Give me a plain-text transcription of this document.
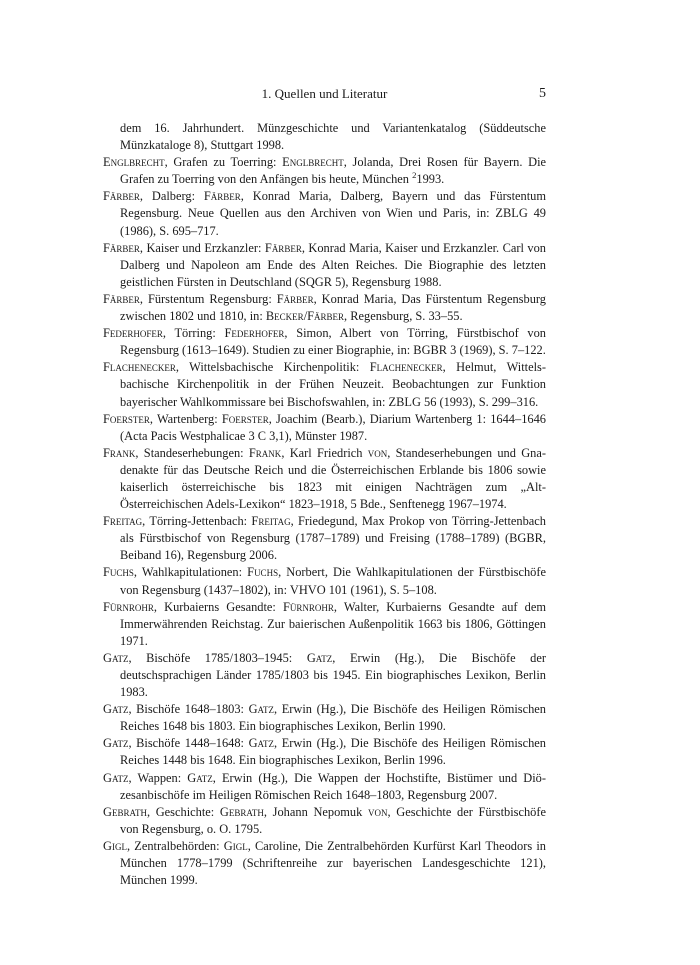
1. Quellen und Literatur	5

dem 16. Jahrhundert. Münzgeschichte und Variantenkatalog (Süddeutsche Münzkataloge 8), Stuttgart 1998.

Englbrecht, Grafen zu Toerring: Englbrecht, Jolanda, Drei Rosen für Bayern. Die Grafen zu Toerring von den Anfängen bis heute, München $^2$1993.

Färber, Dalberg: Färber, Konrad Maria, Dalberg, Bayern und das Fürstentum Regensburg. Neue Quellen aus den Archiven von Wien und Paris, in: ZBLG 49 (1986), S. 695–717.

Färber, Kaiser und Erzkanzler: Färber, Konrad Maria, Kaiser und Erzkanzler. Carl von Dalberg und Napoleon am Ende des Alten Reiches. Die Biographie des letzten geistlichen Fürsten in Deutschland (SQGR 5), Regensburg 1988.

Färber, Fürstentum Regensburg: Färber, Konrad Maria, Das Fürstentum Regensburg zwischen 1802 und 1810, in: Becker/Färber, Regensburg, S. 33–55.

Federhofer, Törring: Federhofer, Simon, Albert von Törring, Fürstbischof von Regensburg (1613–1649). Studien zu einer Biographie, in: BGBR 3 (1969), S. 7–122.

Flachenecker, Wittelsbachische Kirchenpolitik: Flachenecker, Helmut, Wittelsbachische Kirchenpolitik in der Frühen Neuzeit. Beobachtungen zur Funktion bayerischer Wahlkommissare bei Bischofswahlen, in: ZBLG 56 (1993), S. 299–316.

Foerster, Wartenberg: Foerster, Joachim (Bearb.), Diarium Wartenberg 1: 1644–1646 (Acta Pacis Westphalicae 3 C 3,1), Münster 1987.

Frank, Standeserhebungen: Frank, Karl Friedrich von, Standeserhebungen und Gnadenakte für das Deutsche Reich und die Österreichischen Erblande bis 1806 sowie kaiserlich österreichische bis 1823 mit einigen Nachträgen zum „Alt-Österreichischen Adels-Lexikon“ 1823–1918, 5 Bde., Senftenegg 1967–1974.

Freitag, Törring-Jettenbach: Freitag, Friedegund, Max Prokop von Törring-Jettenbach als Fürstbischof von Regensburg (1787–1789) und Freising (1788–1789) (BGBR, Beiband 16), Regensburg 2006.

Fuchs, Wahlkapitulationen: Fuchs, Norbert, Die Wahlkapitulationen der Fürstbischöfe von Regensburg (1437–1802), in: VHVO 101 (1961), S. 5–108.

Fürnrohr, Kurbaierns Gesandte: Fürnrohr, Walter, Kurbaierns Gesandte auf dem Immerwährenden Reichstag. Zur baierischen Außenpolitik 1663 bis 1806, Göttingen 1971.

Gatz, Bischöfe 1785/1803–1945: Gatz, Erwin (Hg.), Die Bischöfe der deutschsprachigen Länder 1785/1803 bis 1945. Ein biographisches Lexikon, Berlin 1983.

Gatz, Bischöfe 1648–1803: Gatz, Erwin (Hg.), Die Bischöfe des Heiligen Römischen Reiches 1648 bis 1803. Ein biographisches Lexikon, Berlin 1990.

Gatz, Bischöfe 1448–1648: Gatz, Erwin (Hg.), Die Bischöfe des Heiligen Römischen Reiches 1448 bis 1648. Ein biographisches Lexikon, Berlin 1996.

Gatz, Wappen: Gatz, Erwin (Hg.), Die Wappen der Hochstifte, Bistümer und Diözesanbischöfe im Heiligen Römischen Reich 1648–1803, Regensburg 2007.

Gebrath, Geschichte: Gebrath, Johann Nepomuk von, Geschichte der Fürstbischöfe von Regensburg, o. O. 1795.

Gigl, Zentralbehörden: Gigl, Caroline, Die Zentralbehörden Kurfürst Karl Theodors in München 1778–1799 (Schriftenreihe zur bayerischen Landesgeschichte 121), München 1999.
